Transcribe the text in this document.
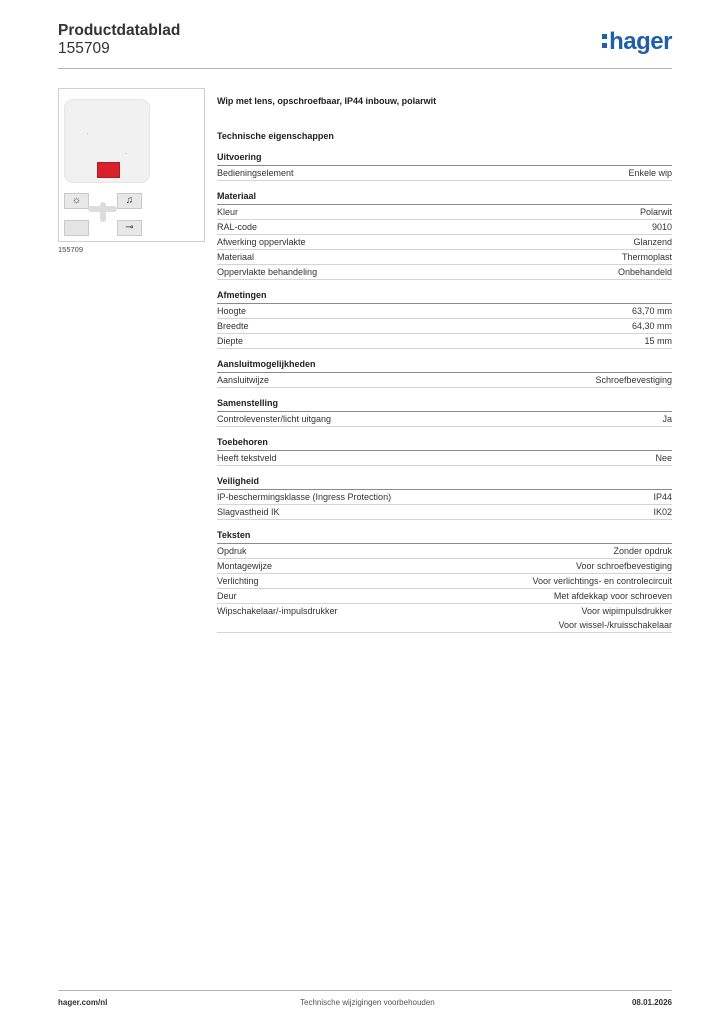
Productdatablad
155709	hager
·
·
☼	♫
⊸
155709
Wip met lens, opschroefbaar, IP44 inbouw, polarwit
Technische eigenschappen
Uitvoering
Bedieningselement	Enkele wip
Materiaal
Kleur	Polarwit
RAL-code	9010
Afwerking oppervlakte	Glanzend
Materiaal	Thermoplast
Oppervlakte behandeling	Onbehandeld
Afmetingen
Hoogte	63,70 mm
Breedte	64,30 mm
Diepte	15 mm
Aansluitmogelijkheden
Aansluitwijze	Schroefbevestiging
Samenstelling
Controlevenster/licht uitgang	Ja
Toebehoren
Heeft tekstveld	Nee
Veiligheid
IP-beschermingsklasse (Ingress Protection)	IP44
Slagvastheid IK	IK02
Teksten
Opdruk	Zonder opdruk
Montagewijze	Voor schroefbevestiging
Verlichting	Voor verlichtings- en controlecircuit
Deur	Met afdekkap voor schroeven
Wipschakelaar/-impulsdrukker	Voor wipimpulsdrukker
Voor wissel-/kruisschakelaar
hager.com/nl	Technische wijzigingen voorbehouden	08.01.2026
